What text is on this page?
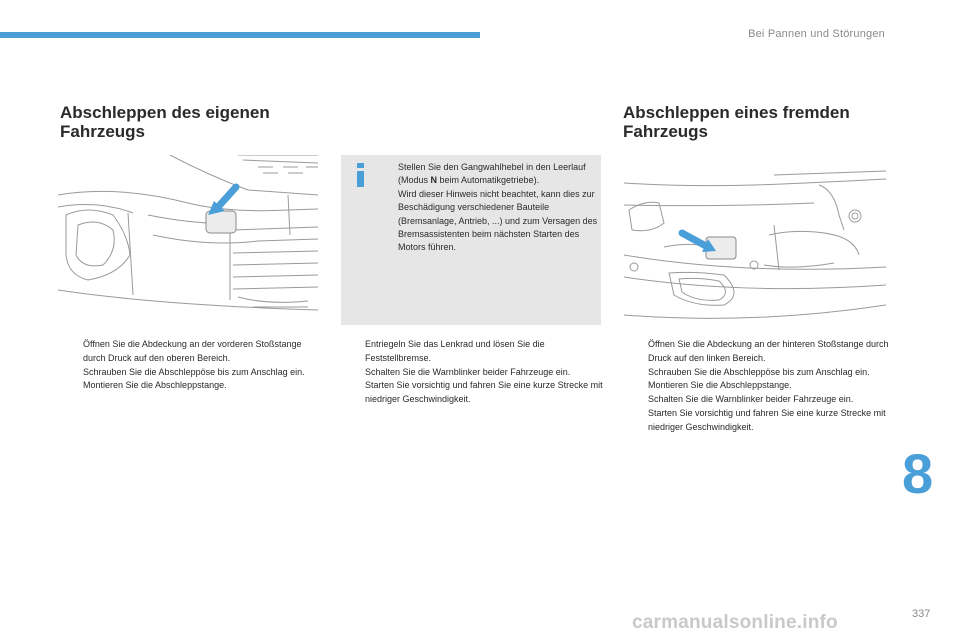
Bei Pannen und Störungen
Abschleppen des eigenen
Fahrzeugs
Abschleppen eines fremden
Fahrzeugs
Stellen Sie den Gangwahlhebel in den Leerlauf (Modus N beim Automatikgetriebe).
Wird dieser Hinweis nicht beachtet, kann dies zur Beschädigung verschiedener Bauteile (Bremsanlage, Antrieb, ...) und zum Versagen des Bremsassistenten beim nächsten Starten des Motors führen.
Öffnen Sie die Abdeckung an der vorderen Stoßstange durch Druck auf den oberen Bereich.
Schrauben Sie die Abschleppöse bis zum Anschlag ein.
Montieren Sie die Abschleppstange.
Entriegeln Sie das Lenkrad und lösen Sie die Feststellbremse.
Schalten Sie die Warnblinker beider Fahrzeuge ein.
Starten Sie vorsichtig und fahren Sie eine kurze Strecke mit niedriger Geschwindigkeit.
Öffnen Sie die Abdeckung an der hinteren Stoßstange durch Druck auf den linken Bereich.
Schrauben Sie die Abschleppöse bis zum Anschlag ein.
Montieren Sie die Abschleppstange.
Schalten Sie die Warnblinker beider Fahrzeuge ein.
Starten Sie vorsichtig und fahren Sie eine kurze Strecke mit niedriger Geschwindigkeit.
8
carmanualsonline.info	337
